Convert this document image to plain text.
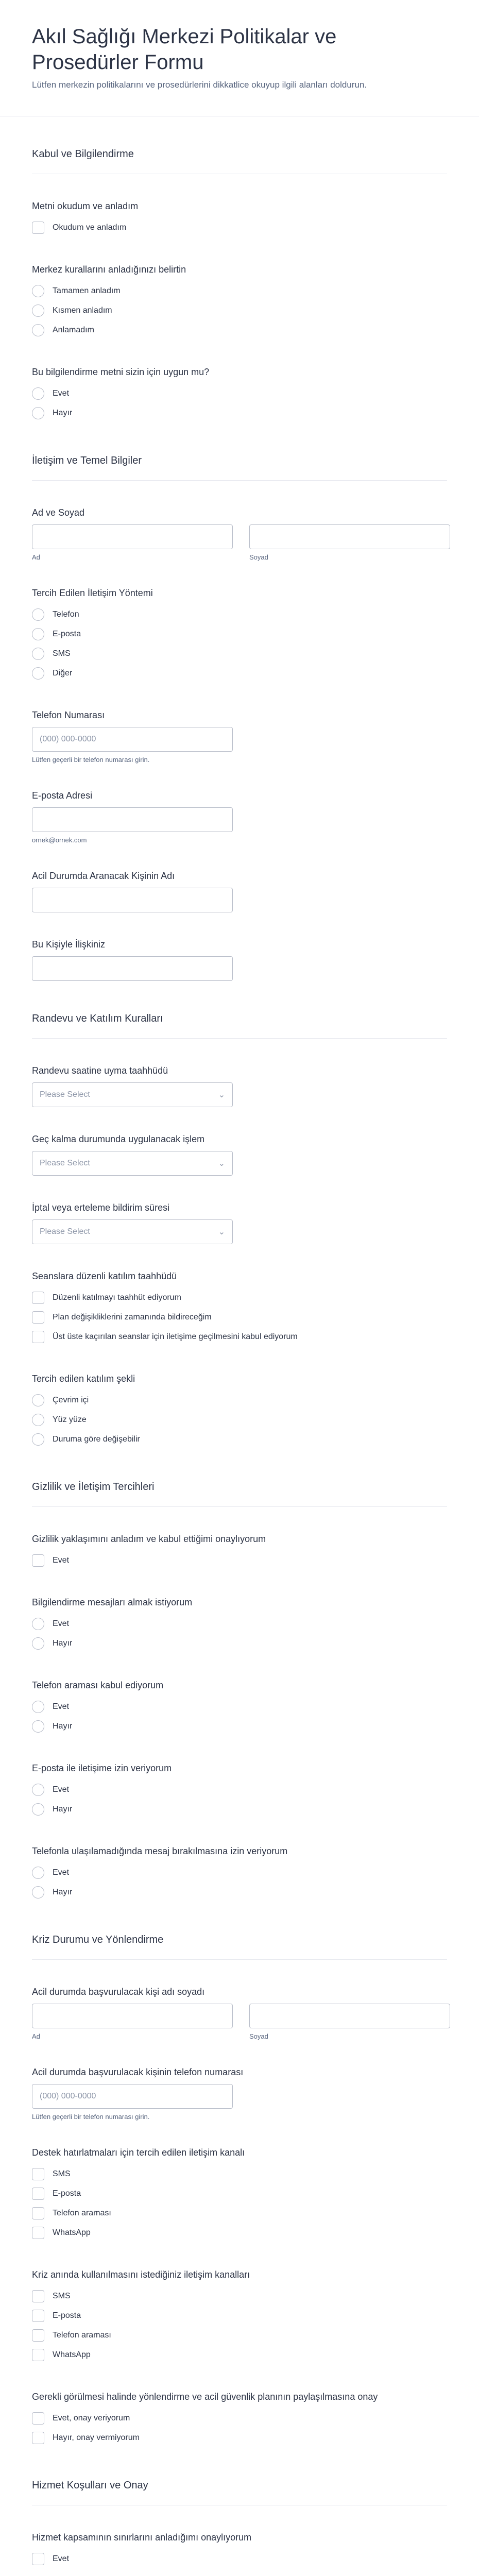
Akıl Sağlığı Merkezi Politikalar ve Prosedürler Formu

Lütfen merkezin politikalarını ve prosedürlerini dikkatlice okuyup ilgili alanları doldurun.

Kabul ve Bilgilendirme
Metni okudum ve anladım
Okudum ve anladım
Merkez kurallarını anladığınızı belirtin
Tamamen anladım
Kısmen anladım
Anlamadım
Bu bilgilendirme metni sizin için uygun mu?
Evet
Hayır
İletişim ve Temel Bilgiler
Ad ve Soyad
Ad	Soyad
Tercih Edilen İletişim Yöntemi
Telefon
E-posta
SMS
Diğer
Telefon Numarası
(000) 000-0000
Lütfen geçerli bir telefon numarası girin.
E-posta Adresi
ornek@ornek.com
Acil Durumda Aranacak Kişinin Adı
Bu Kişiyle İlişkiniz
Randevu ve Katılım Kuralları
Randevu saatine uyma taahhüdü
Please Select	⌄
Geç kalma durumunda uygulanacak işlem
Please Select	⌄
İptal veya erteleme bildirim süresi
Please Select	⌄
Seanslara düzenli katılım taahhüdü
Düzenli katılmayı taahhüt ediyorum
Plan değişikliklerini zamanında bildireceğim
Üst üste kaçırılan seanslar için iletişime geçilmesini kabul ediyorum
Tercih edilen katılım şekli
Çevrim içi
Yüz yüze
Duruma göre değişebilir
Gizlilik ve İletişim Tercihleri
Gizlilik yaklaşımını anladım ve kabul ettiğimi onaylıyorum
Evet
Bilgilendirme mesajları almak istiyorum
Evet
Hayır
Telefon araması kabul ediyorum
Evet
Hayır
E-posta ile iletişime izin veriyorum
Evet
Hayır
Telefonla ulaşılamadığında mesaj bırakılmasına izin veriyorum
Evet
Hayır
Kriz Durumu ve Yönlendirme
Acil durumda başvurulacak kişi adı soyadı
Ad	Soyad
Acil durumda başvurulacak kişinin telefon numarası
(000) 000-0000
Lütfen geçerli bir telefon numarası girin.
Destek hatırlatmaları için tercih edilen iletişim kanalı
SMS
E-posta
Telefon araması
WhatsApp
Kriz anında kullanılmasını istediğiniz iletişim kanalları
SMS
E-posta
Telefon araması
WhatsApp
Gerekli görülmesi halinde yönlendirme ve acil güvenlik planının paylaşılmasına onay
Evet, onay veriyorum
Hayır, onay vermiyorum
Hizmet Koşulları ve Onay
Hizmet kapsamının sınırlarını anladığımı onaylıyorum
Evet
